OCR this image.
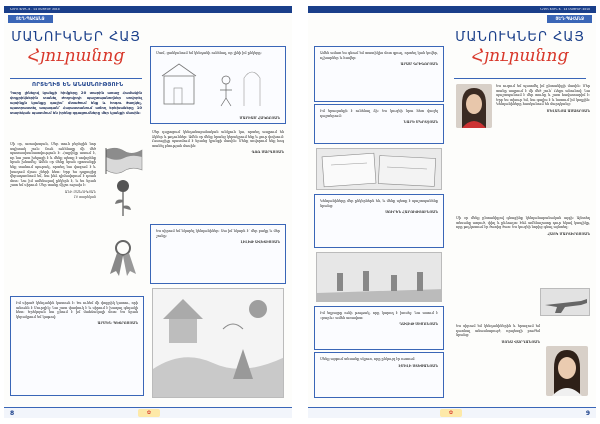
ՆՈՒՌ ՏՈՒՆ 6 · 14 ՄԱՅԻՍԻ 2010
ՑԵՂ-ՊԱՀԱՆՋ
ՄԱՆՈՒԿՆԵՐ ՀԱՅ
Հյուրանոց
ՈՐՏԵՂԻՑ ԵՆ ԱՆԱՍՆՈՒԹՅՈՒՆ
Դարը լինելով կյանքի հիմքերը 20 տարին առաջ Համակին փոքրիկներին տանել ժողովրդի պաշտպանողներ սովորել այսինքն կյանքը գալիս՝ մտածում ենք և հոգու ծաղկել, պատրաստել ապագան՝ Հայաստանում աճող երեխաները 10 տարեկան պատմում են իրենց զգացումները մեր կյանքի մասին։
Մի օր, առավոտյան, Մեր տուն բերեցին նոր սպիտակ շուն։ Շուն ունենալը մի մեծ պատասխանատվություն է։ Հայրիկը ասում է, որ նա շատ խելացի է և մենք պետք է սովորենք նրան խնամել։ Ամեն օր մենք նրան զբոսանքի ենք տանում պուրակ, որտեղ նա վազում է և խաղում մյուս շների հետ։ Երբ ես դպրոցից վերադառնում եմ, նա ինձ դիմավորում է դռան մոտ։ Նա իմ ամենալավ ընկերն է, և ես նրան շատ եմ սիրում։ Մեր տանը միշտ ուրախ է։
ԱՆԻ ՄԱՆՈՒԿՅԱՆ
10 տարեկան
Իմ սիրած կենդանին կատուն է։ Ես ունեմ մի փոքրիկ կատու, որի անունն է Մուրզիկ։ Նա շատ փափուկ է և սիրում է խաղալ գնդակի հետ։ Երեկոյան նա քնում է իմ մահճակալի մոտ։ Ես նրան կերակրում եմ կաթով։
ԱՐՄԵՆ ՊԵՏՐՈՍՅԱՆ
Մամ, ցանկանում եմ կենդանի ունենալ, որ լինի իմ ընկերը։
ՄԱՐԻԱՄ ՀԱԿՈԲՅԱՆ
Մեր դպրոցում կենդանաբանական անկյուն կա, որտեղ ապրում են ձկներ և թռչուններ։ Ամեն օր մենք նրանց կերակրում ենք և ջուր փոխում։ Ուսուցիչը պատմում է նրանց կյանքի մասին։ Մենք սովորում ենք հոգ տանել բնության մասին։
ԳՈՌ ՍԱՐԳՍՅԱՆ
Ես սիրում եմ նկարել կենդանիներ։ Սա իմ նկարն է՝ մեր բակը և մեր շունը։
ԼԻԼԻԹ ԱՎԵՏԻՍՅԱՆ
8	✿
ՆՈՒՌ ՏՈՒՆ 6 · 14 ՄԱՅԻՍԻ 2010
ՑԵՂ-ՊԱՀԱՆՋ
Ամեն ամառ ես գնում եմ տատիկիս մոտ գյուղ, որտեղ կան կովեր, ոչխարներ և հավեր։
ԱՐԱՄ ԳՐԻԳՈՐՅԱՆ
Իմ երազանքն է ունենալ ձի։ Ես կուզեի նրա հետ վազել դաշտերում։
ՆԱՐԵ ՄԿՐՏՉՅԱՆ
Կենդանիները մեր ընկերներն են, և մենք պետք է պաշտպանենք նրանց։
ՍՈՒՐԵՆ ՀԱՐՈՒԹՅՈՒՆՅԱՆ
Իմ եղբայրը ունի թութակ, որը կարող է խոսել։ Նա ասում է «բարև» ամեն առավոտ։
ԴԱՎԻԹ ՍԻՄՈՆՅԱՆ
Մենք այգում տեսանք սկյուռ, որը ընկույզ էր ուտում։
ԷՄԻԼԻ ՍՏԵՓԱՆՅԱՆ
ՄԱՆՈՒԿՆԵՐ ՀԱՅ
Հյուրանոց
Ես ուզում եմ պատմել իմ ընտանիքի մասին։ Մեր տանը ապրում է մի մեծ շուն՝ Ռեքս անունով։ Նա պաշտպանում է մեր տունը և շատ հավատարիմ է։ Երբ ես տխուր եմ, նա գալիս է և նստում իմ կողքին։ Կենդանիները հասկանում են մարդկանց։
ՄԵԼԱՆՅԱ ԱՍԱՏՐՅԱՆ
Մի օր մենք ընտանիքով գնացինք կենդանաբանական այգի։ Այնտեղ տեսանք առյուծ, փիղ և ընձուղտ։ Ինձ ամենաշատը դուր եկավ կապիկը, որը թռչկոտում էր ծառից ծառ։ Ես կուզեի նորից գնալ այնտեղ։
ՀԱՅԿ ՄԱՐՏԻՐՈՍՅԱՆ
Ես սիրում եմ կենդանիներին և երազում եմ դառնալ անասնաբույժ, որպեսզի բուժեմ նրանց։
ՍՈՆԱ ՎԱՐԴԱՆՅԱՆ
9
✿
